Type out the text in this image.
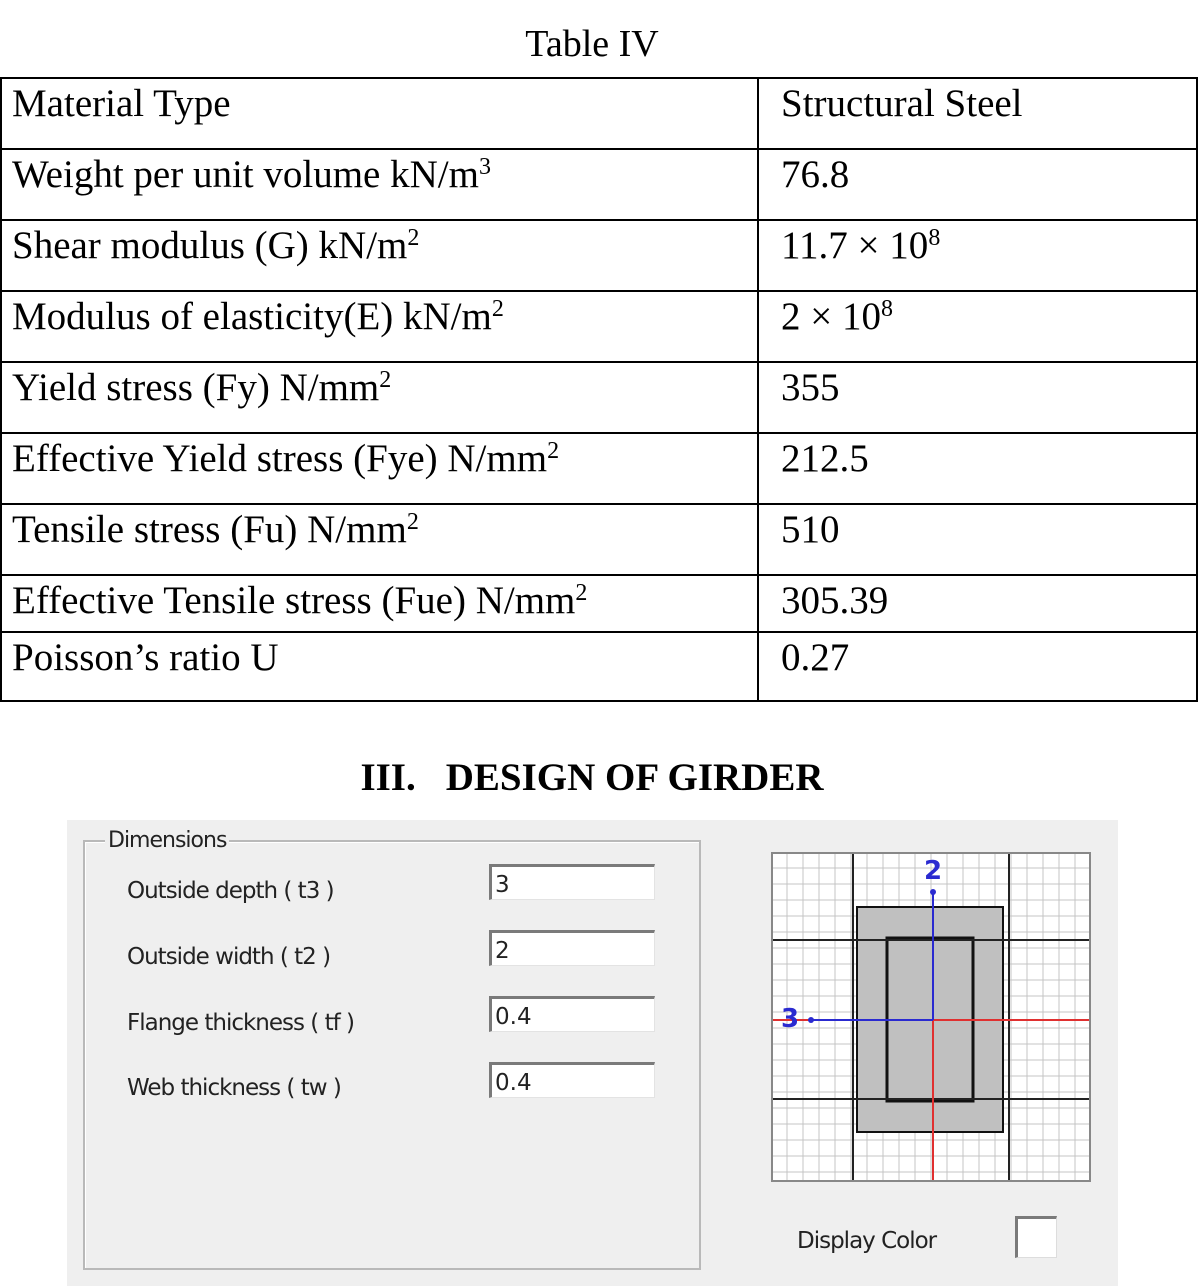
Table IV
Material Type	Structural Steel
Weight per unit volume $kN/m^3$	76.8
Shear modulus (G) $kN/m^2$	$11.7 \times 10^8$
Modulus of elasticity(E) $kN/m^2$	$2 \times 10^8$
Yield stress (Fy) $N/mm^2$	355
Effective Yield stress (Fye) $N/mm^2$	212.5
Tensile stress (Fu) $N/mm^2$	510
Effective Tensile stress (Fue) $N/mm^2$	305.39
Poisson’s ratio U	0.27
III. DESIGN OF GIRDER
Dimensions
Outside depth ( t3 )	3
Outside width ( t2 )	2
Flange thickness ( tf )	0.4
Web thickness ( tw )	0.4
2
3
Display Color
